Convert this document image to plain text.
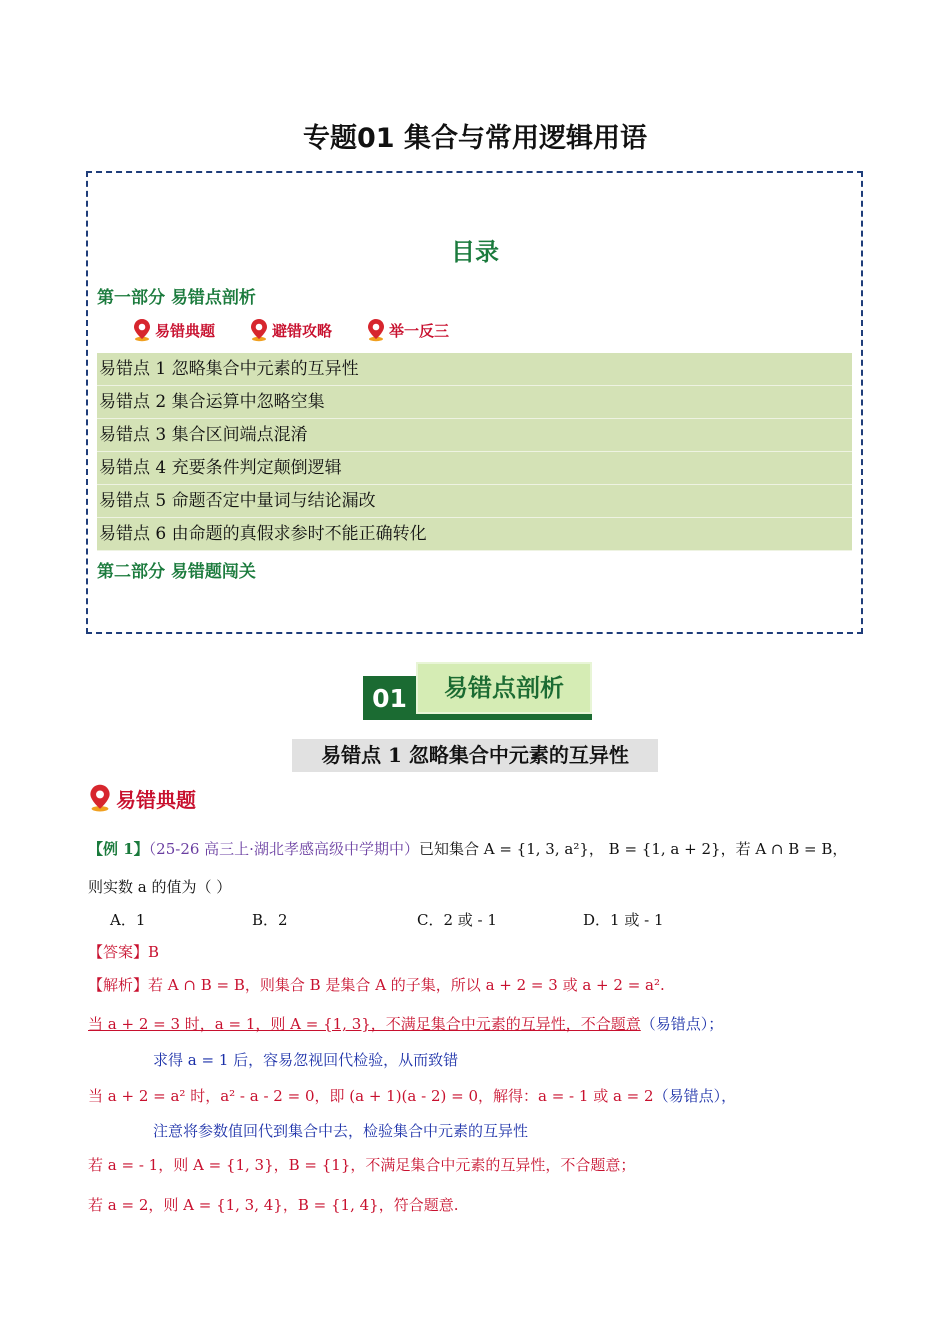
专题01 集合与常用逻辑用语
目录
第一部分 易错点剖析
易错典题	避错攻略	举一反三
易错点 1 忽略集合中元素的互异性
易错点 2 集合运算中忽略空集
易错点 3 集合区间端点混淆
易错点 4 充要条件判定颠倒逻辑
易错点 5 命题否定中量词与结论漏改
易错点 6 由命题的真假求参时不能正确转化
第二部分 易错题闯关
易错点剖析
01
易错点 1 忽略集合中元素的互异性
易错典题
【例 1】（25-26 高三上·湖北孝感高级中学期中）已知集合 A = {1, 3, a²}， B = {1, a + 2}，若 A ∩ B = B，
则实数 a 的值为（ ）
A．1	B．2	C．2 或 - 1	D．1 或 - 1
【答案】B
【解析】若 A ∩ B = B，则集合 B 是集合 A 的子集，所以 a + 2 = 3 或 a + 2 = a².
当 a + 2 = 3 时，a = 1，则 A = {1, 3}，不满足集合中元素的互异性，不合题意（易错点）；
求得 a = 1 后，容易忽视回代检验，从而致错
当 a + 2 = a² 时，a² - a - 2 = 0，即 (a + 1)(a - 2) = 0，解得：a = - 1 或 a = 2（易错点），
注意将参数值回代到集合中去，检验集合中元素的互异性
若 a = - 1，则 A = {1, 3}，B = {1}，不满足集合中元素的互异性，不合题意；
若 a = 2，则 A = {1, 3, 4}，B = {1, 4}，符合题意.
